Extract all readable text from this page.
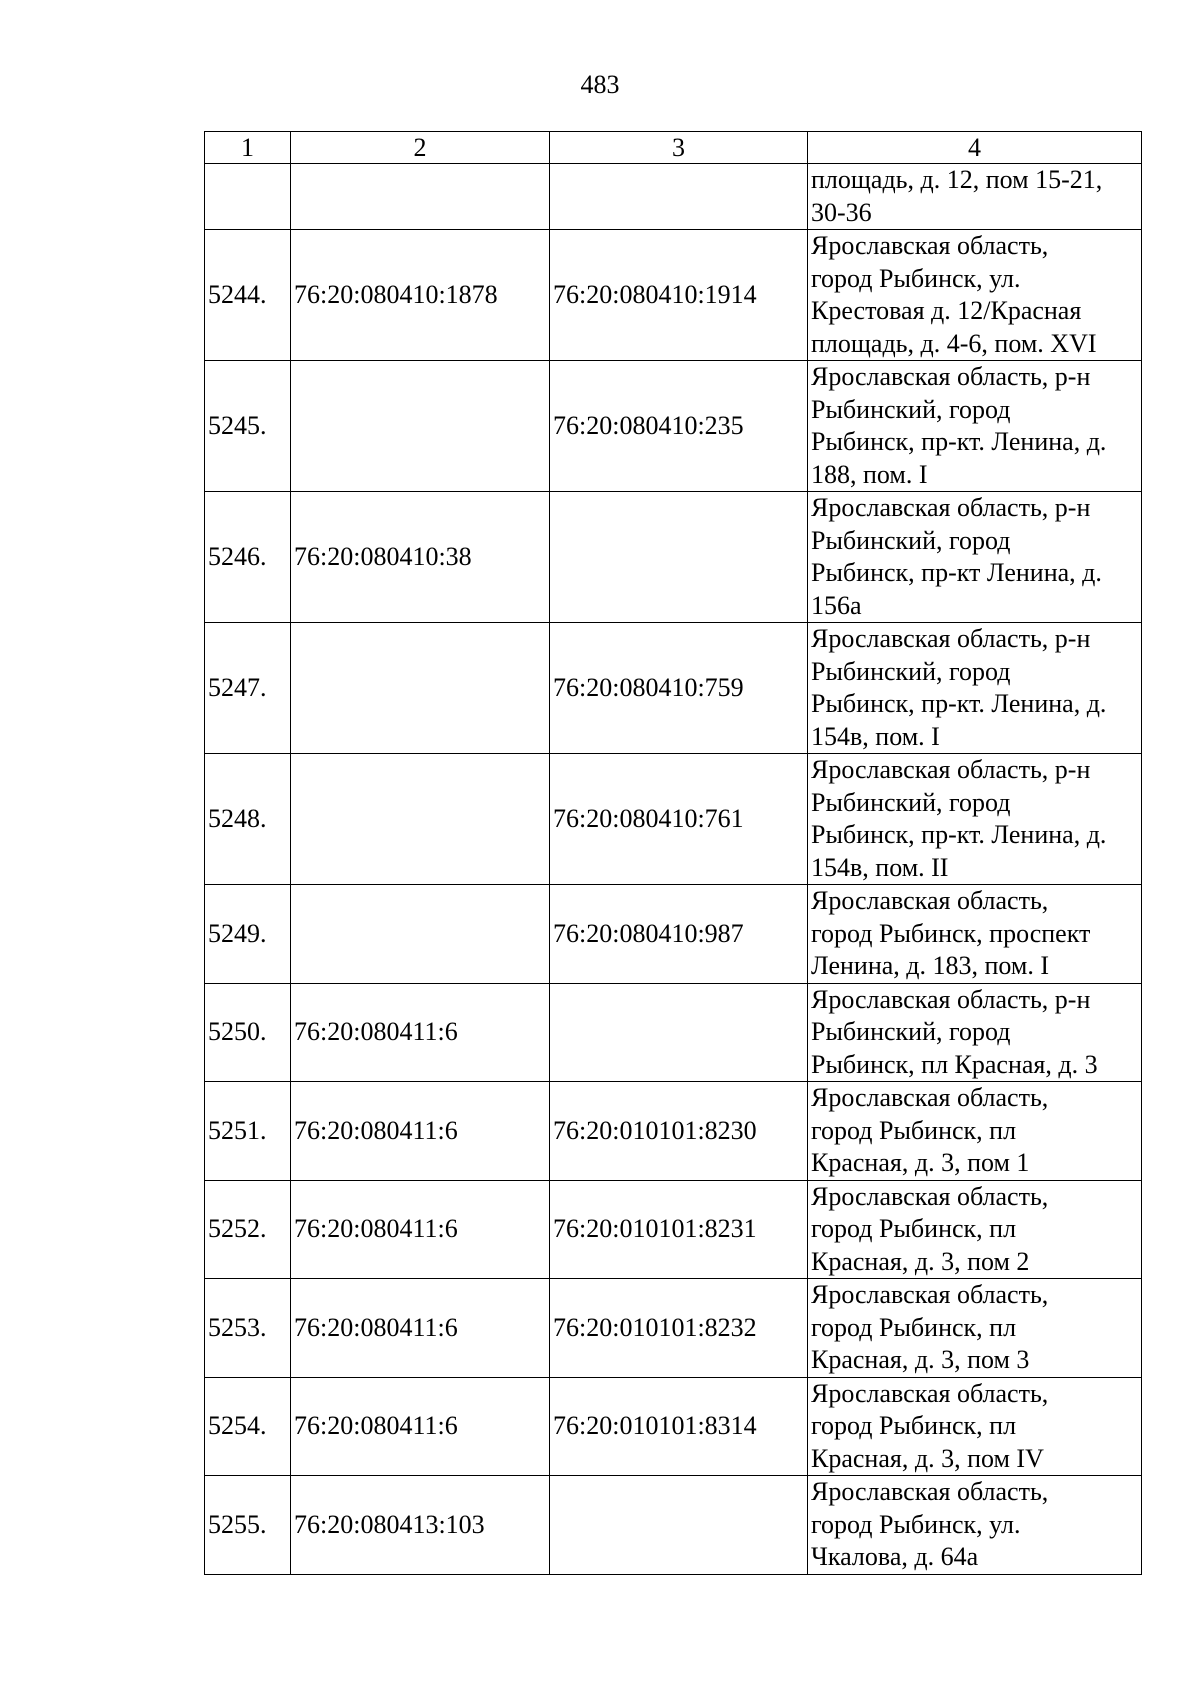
483
1	2	3	4

			площадь, д. 12, пом 15-21, 30-36

5244.	76:20:080410:1878	76:20:080410:1914	Ярославская область, город Рыбинск, ул. Крестовая д. 12/Красная площадь, д. 4-6, пом. XVI

5245.		76:20:080410:235	Ярославская область, р-н Рыбинский, город Рыбинск, пр-кт. Ленина, д. 188, пом. I

5246.	76:20:080410:38		Ярославская область, р-н Рыбинский, город Рыбинск, пр-кт Ленина, д. 156а

5247.		76:20:080410:759	Ярославская область, р-н Рыбинский, город Рыбинск, пр-кт. Ленина, д. 154в, пом. I

5248.		76:20:080410:761	Ярославская область, р-н Рыбинский, город Рыбинск, пр-кт. Ленина, д. 154в, пом. II

5249.		76:20:080410:987	Ярославская область, город Рыбинск, проспект Ленина, д. 183, пом. I

5250.	76:20:080411:6		Ярославская область, р-н Рыбинский, город Рыбинск, пл Красная, д. 3

5251.	76:20:080411:6	76:20:010101:8230	Ярославская область, город Рыбинск, пл Красная, д. 3, пом 1

5252.	76:20:080411:6	76:20:010101:8231	Ярославская область, город Рыбинск, пл Красная, д. 3, пом 2

5253.	76:20:080411:6	76:20:010101:8232	Ярославская область, город Рыбинск, пл Красная, д. 3, пом 3

5254.	76:20:080411:6	76:20:010101:8314	Ярославская область, город Рыбинск, пл Красная, д. 3, пом IV

5255.	76:20:080413:103		Ярославская область, город Рыбинск, ул. Чкалова, д. 64а
